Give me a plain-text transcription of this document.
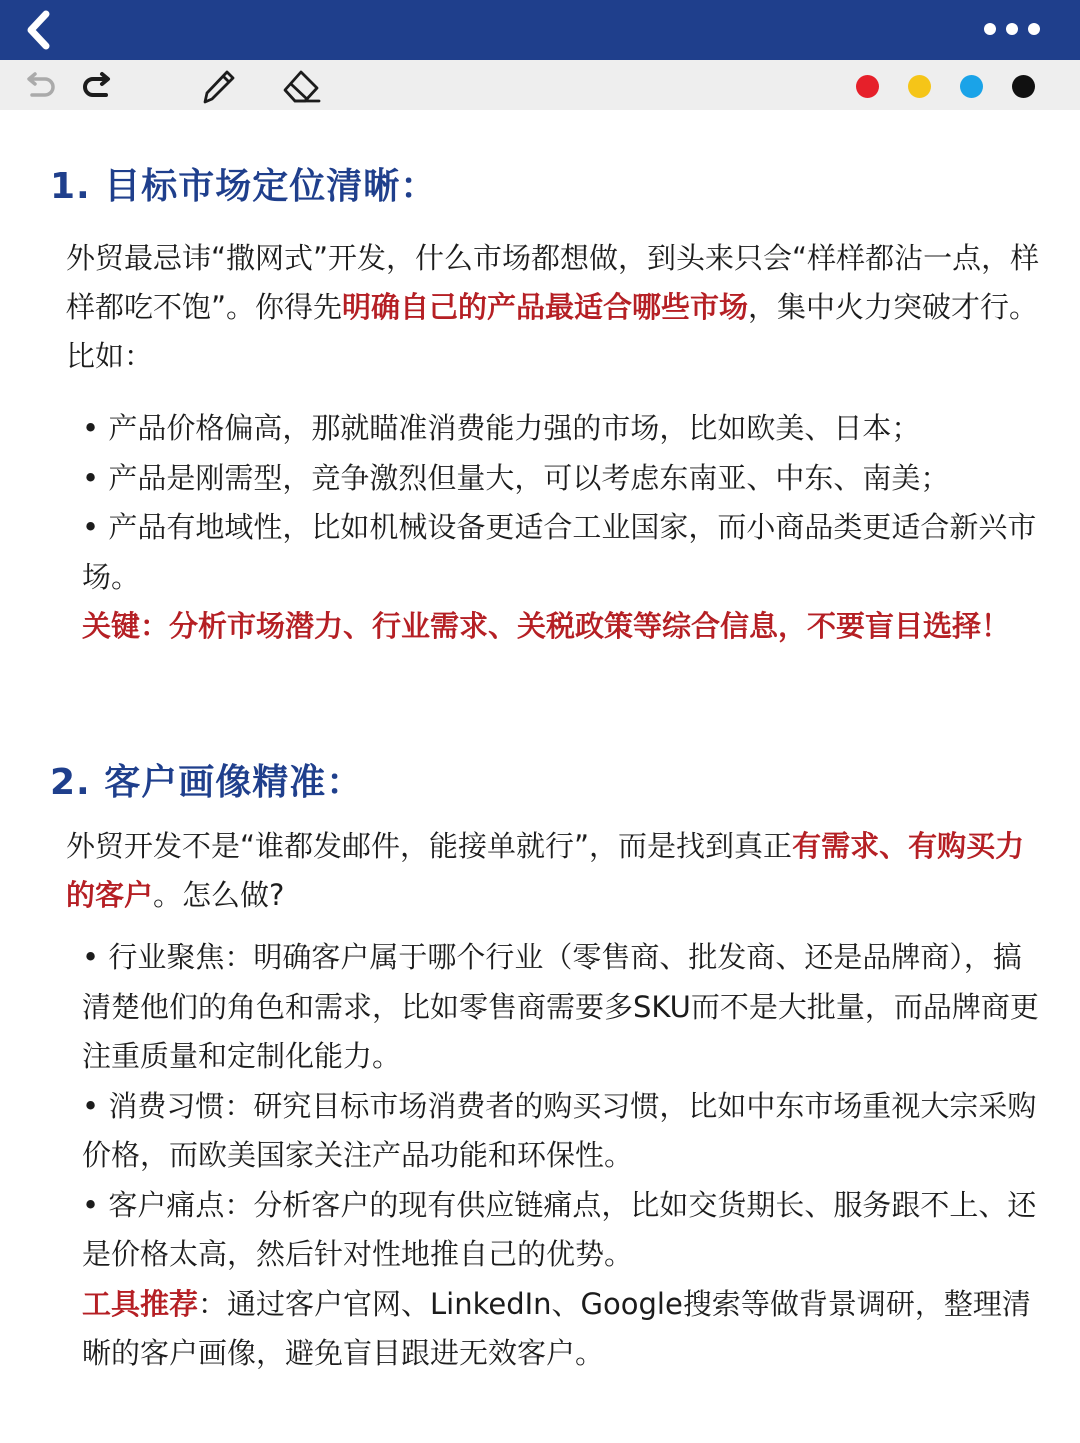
1. 目标市场定位清晰：
外贸最忌讳“撒网式”开发，什么市场都想做，到头来只会“样样都沾一点，样样都吃不饱”。你得先明确自己的产品最适合哪些市场，集中火力突破才行。比如：

• 产品价格偏高，那就瞄准消费能力强的市场，比如欧美、日本；

• 产品是刚需型，竞争激烈但量大，可以考虑东南亚、中东、南美；

• 产品有地域性，比如机械设备更适合工业国家，而小商品类更适合新兴市场。

关键：分析市场潜力、行业需求、关税政策等综合信息，不要盲目选择！

2. 客户画像精准：
外贸开发不是“谁都发邮件，能接单就行”，而是找到真正有需求、有购买力的客户。怎么做?

• 行业聚焦：明确客户属于哪个行业（零售商、批发商、还是品牌商），搞清楚他们的角色和需求，比如零售商需要多SKU而不是大批量，而品牌商更注重质量和定制化能力。

• 消费习惯：研究目标市场消费者的购买习惯，比如中东市场重视大宗采购价格，而欧美国家关注产品功能和环保性。

• 客户痛点：分析客户的现有供应链痛点，比如交货期长、服务跟不上、还是价格太高，然后针对性地推自己的优势。

工具推荐：通过客户官网、LinkedIn、Google搜索等做背景调研，整理清晰的客户画像，避免盲目跟进无效客户。
